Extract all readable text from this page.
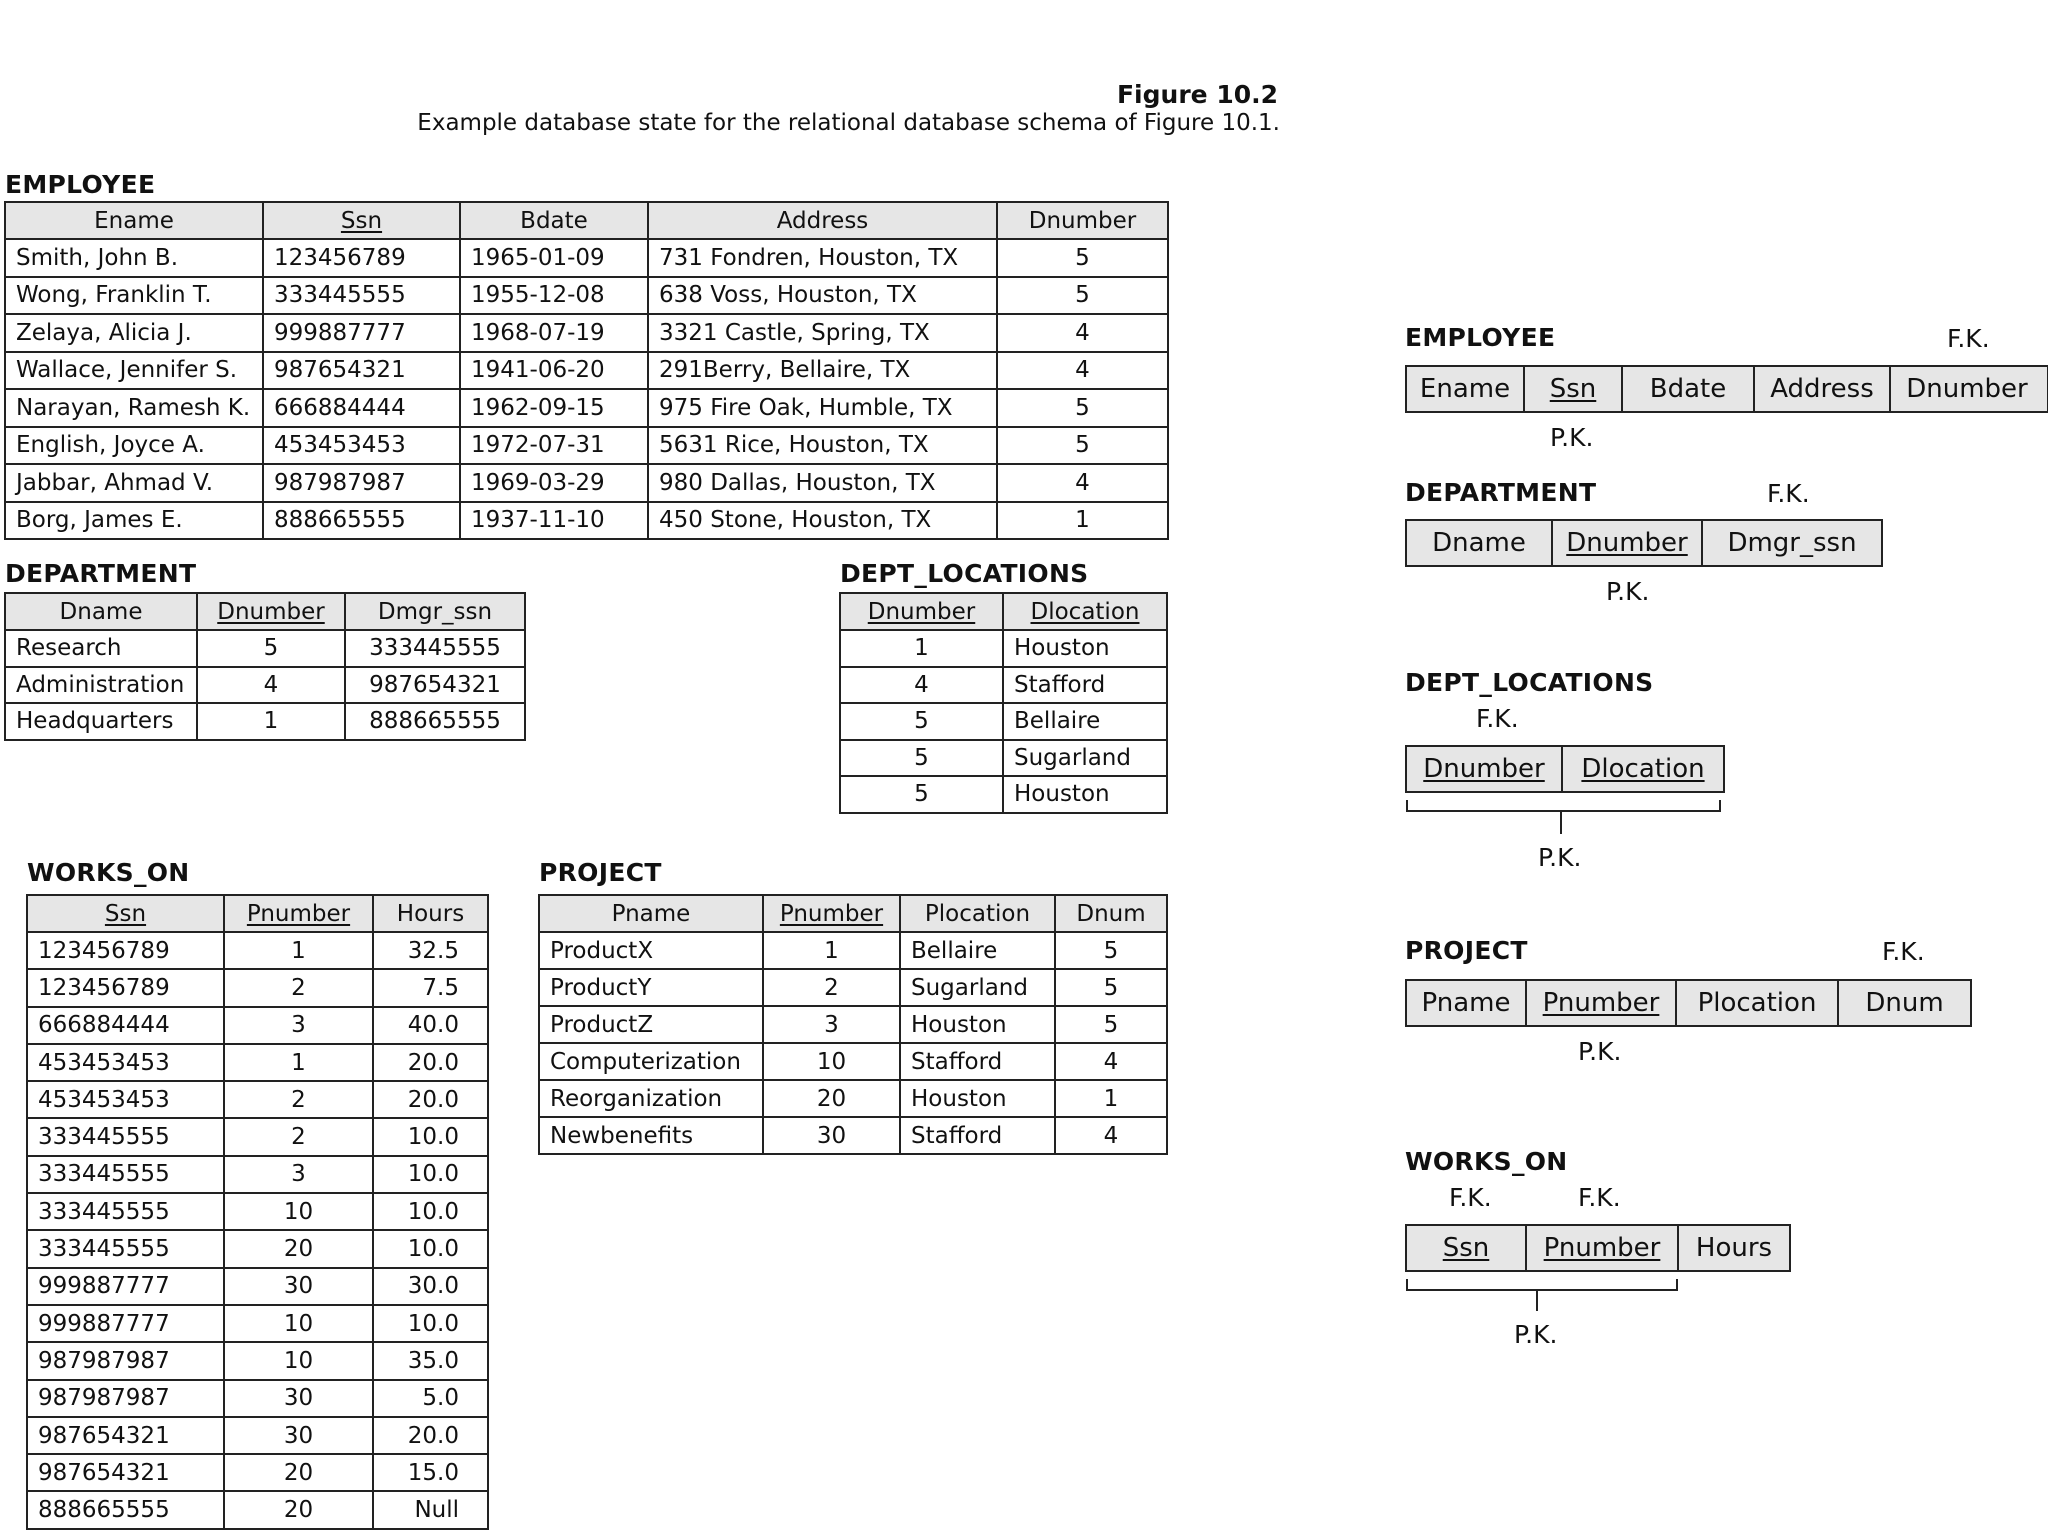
Figure 10.2
Example database state for the relational database schema of Figure 10.1.
EMPLOYEE
Ename	Ssn	Bdate	Address	Dnumber
Smith, John B.	123456789	1965-01-09	731 Fondren, Houston, TX	5
Wong, Franklin T.	333445555	1955-12-08	638 Voss, Houston, TX	5
Zelaya, Alicia J.	999887777	1968-07-19	3321 Castle, Spring, TX	4
Wallace, Jennifer S.	987654321	1941-06-20	291Berry, Bellaire, TX	4
Narayan, Ramesh K.	666884444	1962-09-15	975 Fire Oak, Humble, TX	5
English, Joyce A.	453453453	1972-07-31	5631 Rice, Houston, TX	5
Jabbar, Ahmad V.	987987987	1969-03-29	980 Dallas, Houston, TX	4
Borg, James E.	888665555	1937-11-10	450 Stone, Houston, TX	1
DEPARTMENT
Dname	Dnumber	Dmgr_ssn
Research	5	333445555
Administration	4	987654321
Headquarters	1	888665555
DEPT_LOCATIONS
Dnumber	Dlocation
1	Houston
4	Stafford
5	Bellaire
5	Sugarland
5	Houston
WORKS_ON
Ssn	Pnumber	Hours
123456789	1	32.5
123456789	2	7.5
666884444	3	40.0
453453453	1	20.0
453453453	2	20.0
333445555	2	10.0
333445555	3	10.0
333445555	10	10.0
333445555	20	10.0
999887777	30	30.0
999887777	10	10.0
987987987	10	35.0
987987987	30	5.0
987654321	30	20.0
987654321	20	15.0
888665555	20	Null
PROJECT
Pname	Pnumber	Plocation	Dnum
ProductX	1	Bellaire	5
ProductY	2	Sugarland	5
ProductZ	3	Houston	5
Computerization	10	Stafford	4
Reorganization	20	Houston	1
Newbenefits	30	Stafford	4
EMPLOYEE	F.K.
Ename	Ssn	Bdate	Address	Dnumber
P.K.
DEPARTMENT	F.K.
Dname	Dnumber	Dmgr_ssn
P.K.
DEPT_LOCATIONS
F.K.
Dnumber	Dlocation
P.K.
PROJECT	F.K.
Pname	Pnumber	Plocation	Dnum
P.K.
WORKS_ON
F.K.	F.K.
Ssn	Pnumber	Hours
P.K.
